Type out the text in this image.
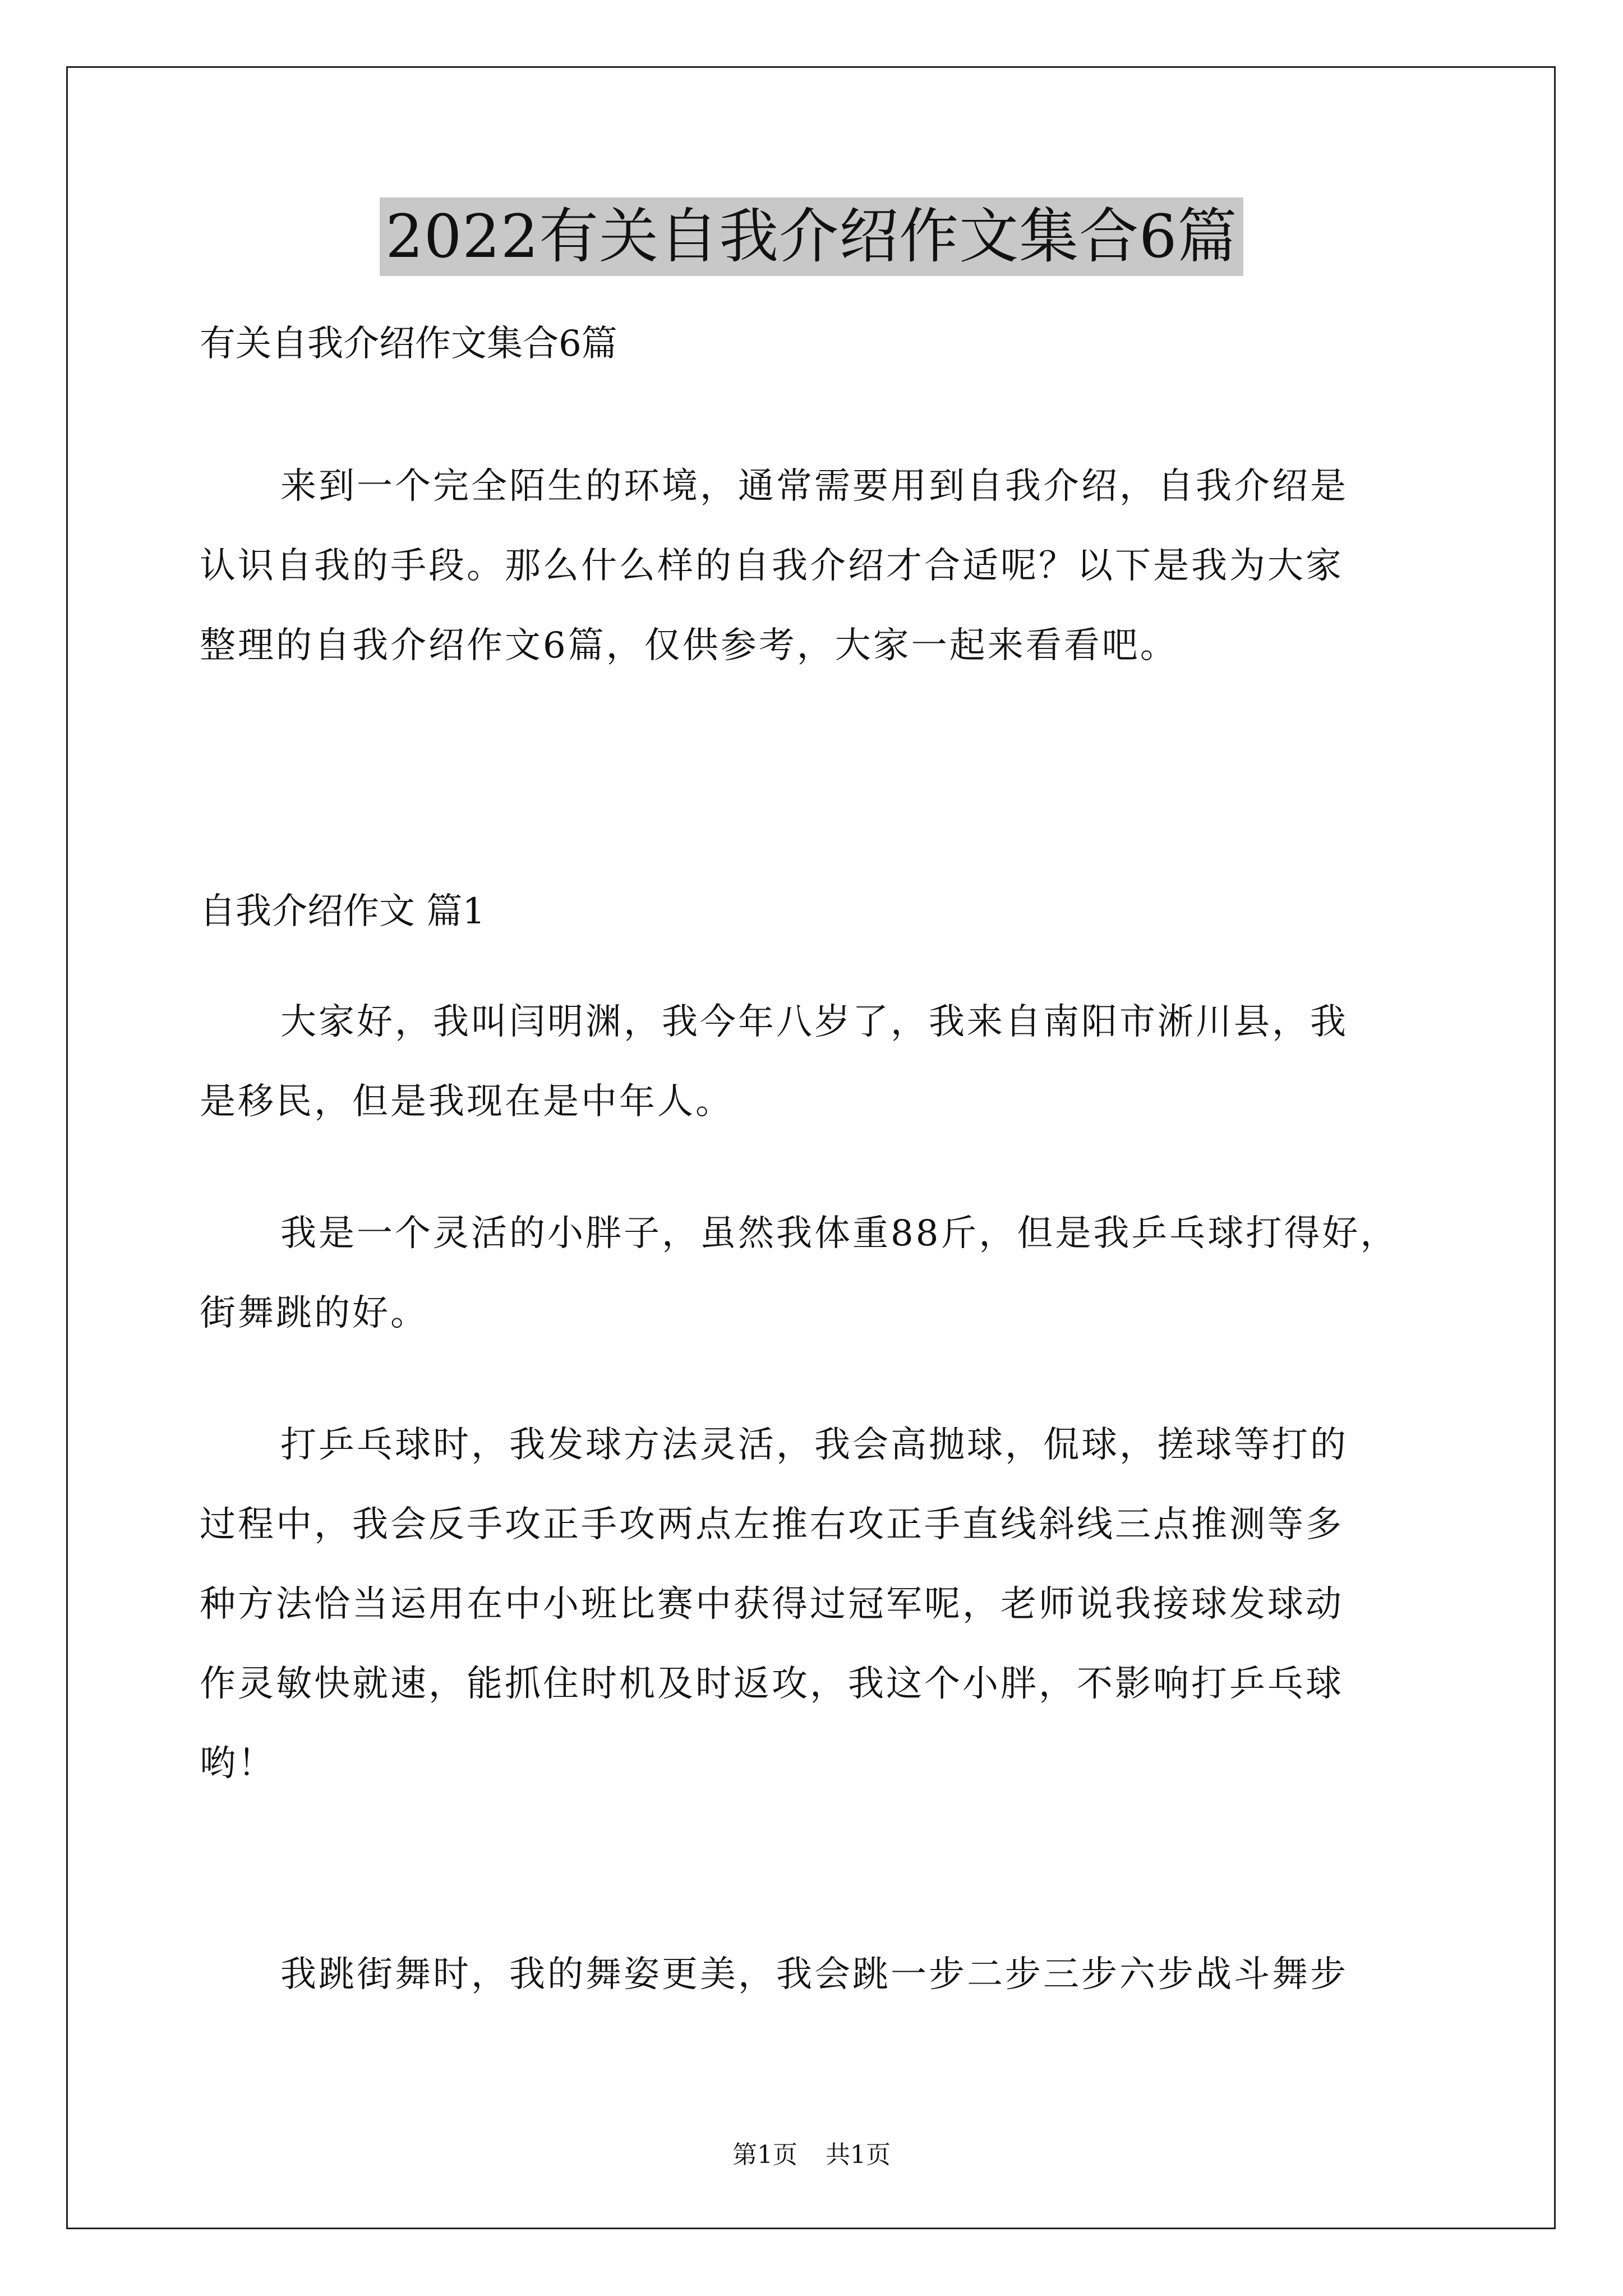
2022有关自我介绍作文集合6篇
有关自我介绍作文集合6篇
来到一个完全陌生的环境，通常需要用到自我介绍，自我介绍是
认识自我的手段。那么什么样的自我介绍才合适呢？以下是我为大家
整理的自我介绍作文6篇，仅供参考，大家一起来看看吧。
自我介绍作文 篇1
大家好，我叫闫明渊，我今年八岁了，我来自南阳市淅川县，我
是移民，但是我现在是中年人。
我是一个灵活的小胖子，虽然我体重88斤，但是我乒乓球打得好，
街舞跳的好。
打乒乓球时，我发球方法灵活，我会高抛球，侃球，搓球等打的
过程中，我会反手攻正手攻两点左推右攻正手直线斜线三点推测等多
种方法恰当运用在中小班比赛中获得过冠军呢，老师说我接球发球动
作灵敏快就速，能抓住时机及时返攻，我这个小胖，不影响打乒乓球
哟！
我跳街舞时，我的舞姿更美，我会跳一步二步三步六步战斗舞步
第1页 共1页
